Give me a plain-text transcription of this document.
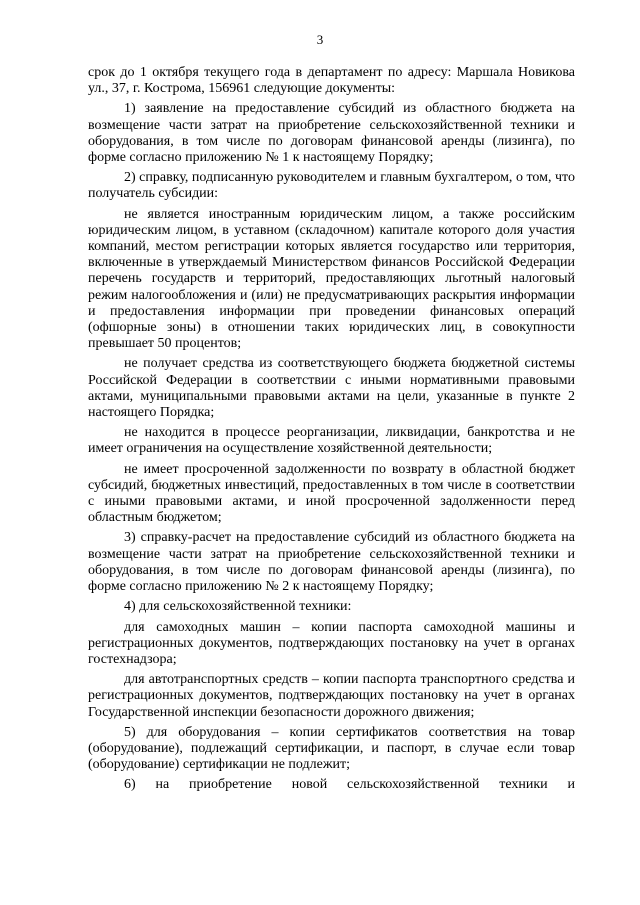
3

срок до 1 октября текущего года в департамент по адресу: Маршала Новикова ул., 37, г. Кострома, 156961 следующие документы:

1) заявление на предоставление субсидий из областного бюджета на возмещение части затрат на приобретение сельскохозяйственной техники и оборудования, в том числе по договорам финансовой аренды (лизинга), по форме согласно приложению № 1 к настоящему Порядку;

2) справку, подписанную руководителем и главным бухгалтером, о том, что получатель субсидии:

не является иностранным юридическим лицом, а также российским юридическим лицом, в уставном (складочном) капитале которого доля участия компаний, местом регистрации которых является государство или территория, включенные в утверждаемый Министерством финансов Российской Федерации перечень государств и территорий, предоставляющих льготный налоговый режим налогообложения и (или) не предусматривающих раскрытия информации и предоставления информации при проведении финансовых операций (офшорные зоны) в отношении таких юридических лиц, в совокупности превышает 50 процентов;

не получает средства из соответствующего бюджета бюджетной системы Российской Федерации в соответствии с иными нормативными правовыми актами, муниципальными правовыми актами на цели, указанные в пункте 2 настоящего Порядка;

не находится в процессе реорганизации, ликвидации, банкротства и не имеет ограничения на осуществление хозяйственной деятельности;

не имеет просроченной задолженности по возврату в областной бюджет субсидий, бюджетных инвестиций, предоставленных в том числе в соответствии с иными правовыми актами, и иной просроченной задолженности перед областным бюджетом;

3) справку-расчет на предоставление субсидий из областного бюджета на возмещение части затрат на приобретение сельскохозяйственной техники и оборудования, в том числе по договорам финансовой аренды (лизинга), по форме согласно приложению № 2 к настоящему Порядку;

4) для сельскохозяйственной техники:

для самоходных машин – копии паспорта самоходной машины и регистрационных документов, подтверждающих постановку на учет в органах гостехнадзора;

для автотранспортных средств – копии паспорта транспортного средства и регистрационных документов, подтверждающих постановку на учет в органах Государственной инспекции безопасности дорожного движения;

5) для оборудования – копии сертификатов соответствия на товар (оборудование), подлежащий сертификации, и паспорт, в случае если товар (оборудование) сертификации не подлежит;

6) на приобретение новой сельскохозяйственной техники и
